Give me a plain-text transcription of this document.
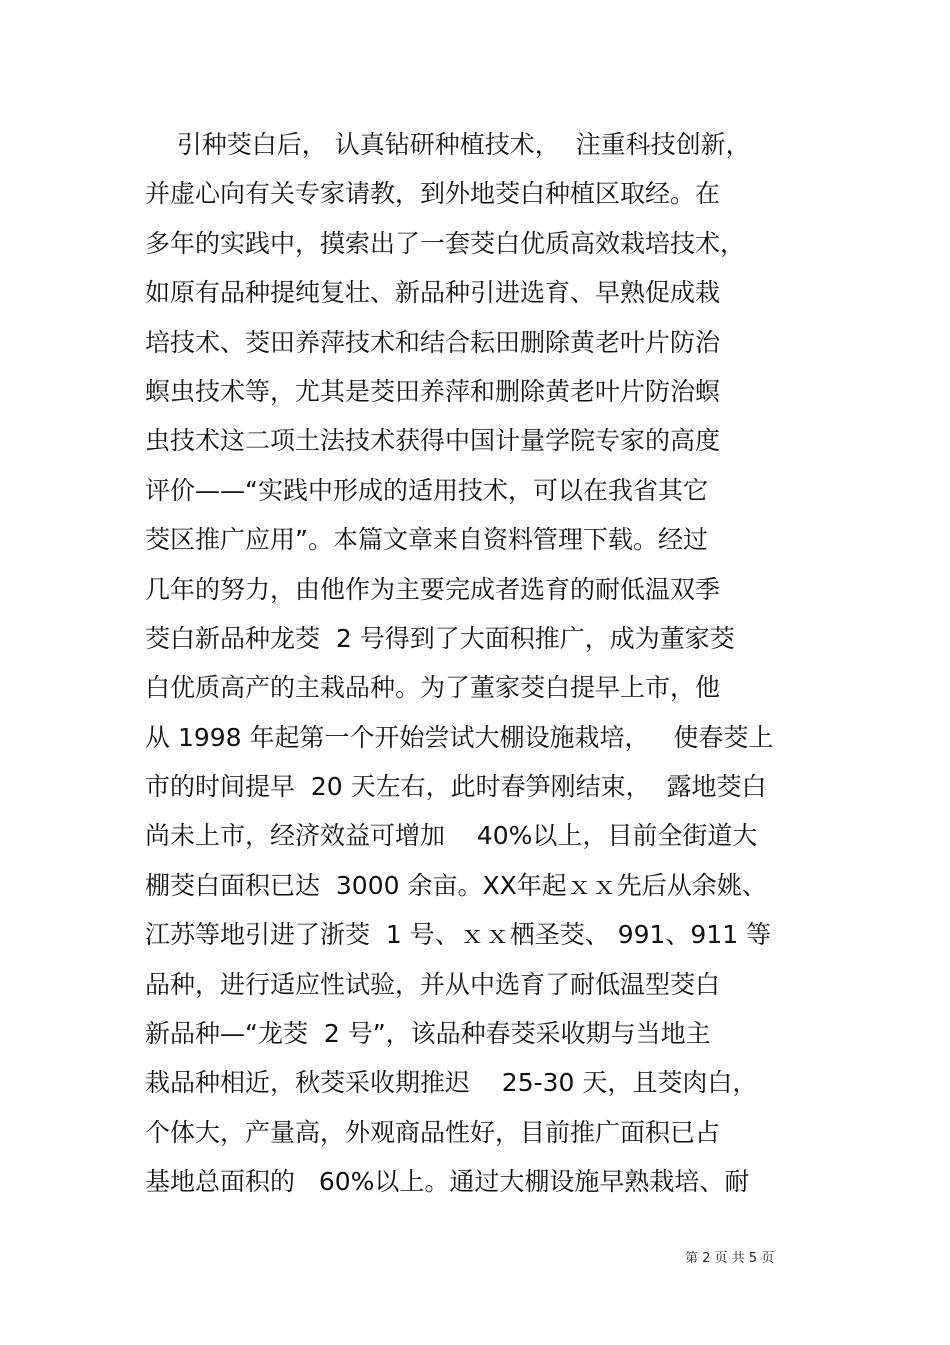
引种茭白后， 认真钻研种植技术，  注重科技创新，
并虚心向有关专家请教，到外地茭白种植区取经。在
多年的实践中，摸索出了一套茭白优质高效栽培技术，
如原有品种提纯复壮、新品种引进选育、早熟促成栽
培技术、茭田养萍技术和结合耘田删除黄老叶片防治
螟虫技术等，尤其是茭田养萍和删除黄老叶片防治螟
虫技术这二项土法技术获得中国计量学院专家的高度
评价——“实践中形成的适用技术，可以在我省其它
茭区推广应用”。本篇文章来自资料管理下载。经过
几年的努力，由他作为主要完成者选育的耐低温双季
茭白新品种龙茭  2 号得到了大面积推广，成为董家茭
白优质高产的主栽品种。为了董家茭白提早上市，他
从 1998 年起第一个开始尝试大棚设施栽培，   使春茭上
市的时间提早  20 天左右，此时春笋刚结束，  露地茭白
尚未上市，经济效益可增加    40%以上，目前全街道大
棚茭白面积已达  3000 余亩。XX年起ｘｘ先后从余姚、
江苏等地引进了浙茭  1 号、ｘｘ栖圣茭、 991、911 等
品种，进行适应性试验，并从中选育了耐低温型茭白
新品种—“龙茭  2 号”，该品种春茭采收期与当地主
栽品种相近，秋茭采收期推迟    25-30 天，且茭肉白，
个体大，产量高，外观商品性好，目前推广面积已占
基地总面积的   60%以上。通过大棚设施早熟栽培、耐
第 2 页 共 5 页
